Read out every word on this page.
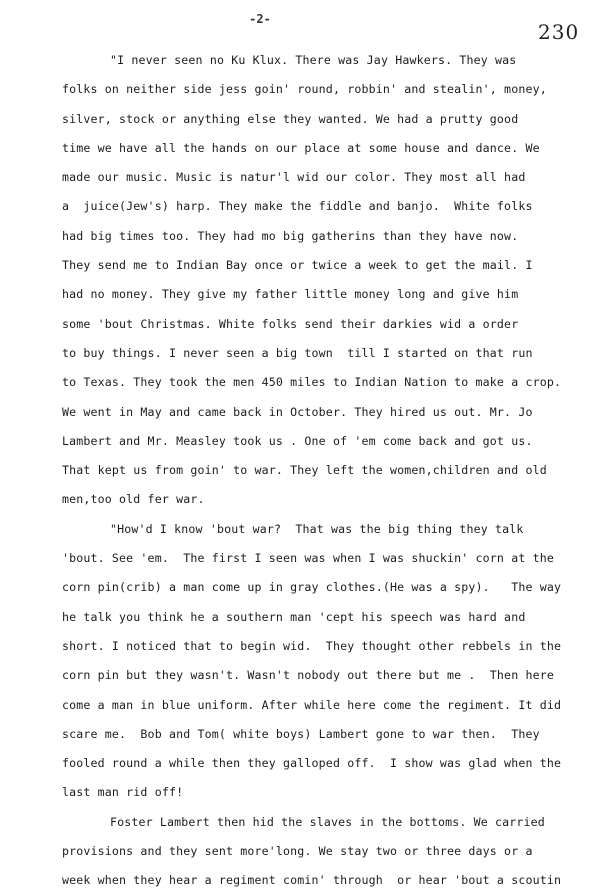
-2-
230
"I never seen no Ku Klux. There was Jay Hawkers. They was
folks on neither side jess goin' round, robbin' and stealin', money,
silver, stock or anything else they wanted. We had a prutty good
time we have all the hands on our place at some house and dance. We
made our music. Music is natur'l wid our color. They most all had
a  juice(Jew's) harp. They make the fiddle and banjo.  White folks
had big times too. They had mo big gatherins than they have now.
They send me to Indian Bay once or twice a week to get the mail. I
had no money. They give my father little money long and give him
some 'bout Christmas. White folks send their darkies wid a order
to buy things. I never seen a big town  till I started on that run
to Texas. They took the men 450 miles to Indian Nation to make a crop.
We went in May and came back in October. They hired us out. Mr. Jo
Lambert and Mr. Measley took us . One of 'em come back and got us.
That kept us from goin' to war. They left the women,children and old
men,too old fer war.
"How'd I know 'bout war?  That was the big thing they talk
'bout. See 'em.  The first I seen was when I was shuckin' corn at the
corn pin(crib) a man come up in gray clothes.(He was a spy).   The way
he talk you think he a southern man 'cept his speech was hard and
short. I noticed that to begin wid.  They thought other rebbels in the
corn pin but they wasn't. Wasn't nobody out there but me .  Then here
come a man in blue uniform. After while here come the regiment. It did
scare me.  Bob and Tom( white boys) Lambert gone to war then.  They
fooled round a while then they galloped off.  I show was glad when the
last man rid off!
Foster Lambert then hid the slaves in the bottoms. We carried
provisions and they sent more'long. We stay two or three days or a
week when they hear a regiment comin' through  or hear 'bout a scoutin
